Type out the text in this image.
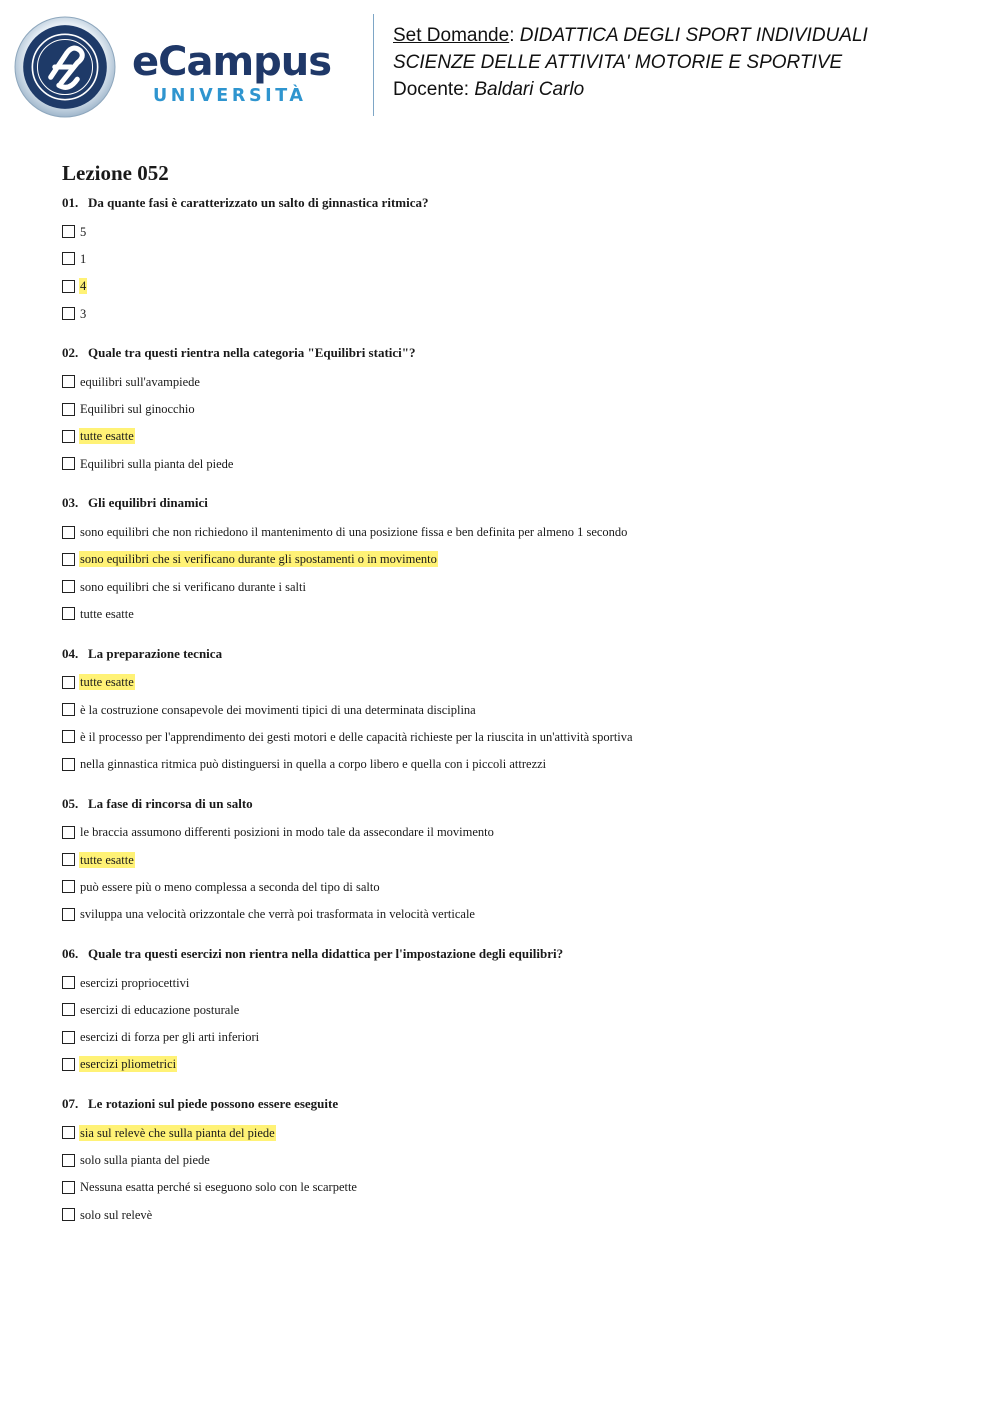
eCampus
UNIVERSITÀ
Set Domande: DIDATTICA DEGLI SPORT INDIVIDUALI
SCIENZE DELLE ATTIVITA' MOTORIE E SPORTIVE
Docente: Baldari Carlo
Lezione 052
01. Da quante fasi è caratterizzato un salto di ginnastica ritmica?
5
1
4
3
02. Quale tra questi rientra nella categoria "Equilibri statici"?
equilibri sull'avampiede
Equilibri sul ginocchio
tutte esatte
Equilibri sulla pianta del piede
03. Gli equilibri dinamici
sono equilibri che non richiedono il mantenimento di una posizione fissa e ben definita per almeno 1 secondo
sono equilibri che si verificano durante gli spostamenti o in movimento
sono equilibri che si verificano durante i salti
tutte esatte
04. La preparazione tecnica
tutte esatte
è la costruzione consapevole dei movimenti tipici di una determinata disciplina
è il processo per l'apprendimento dei gesti motori e delle capacità richieste per la riuscita in un'attività sportiva
nella ginnastica ritmica può distinguersi in quella a corpo libero e quella con i piccoli attrezzi
05. La fase di rincorsa di un salto
le braccia assumono differenti posizioni in modo tale da assecondare il movimento
tutte esatte
può essere più o meno complessa a seconda del tipo di salto
sviluppa una velocità orizzontale che verrà poi trasformata in velocità verticale
06. Quale tra questi esercizi non rientra nella didattica per l'impostazione degli equilibri?
esercizi propriocettivi
esercizi di educazione posturale
esercizi di forza per gli arti inferiori
esercizi pliometrici
07. Le rotazioni sul piede possono essere eseguite
sia sul relevè che sulla pianta del piede
solo sulla pianta del piede
Nessuna esatta perché si eseguono solo con le scarpette
solo sul relevè
